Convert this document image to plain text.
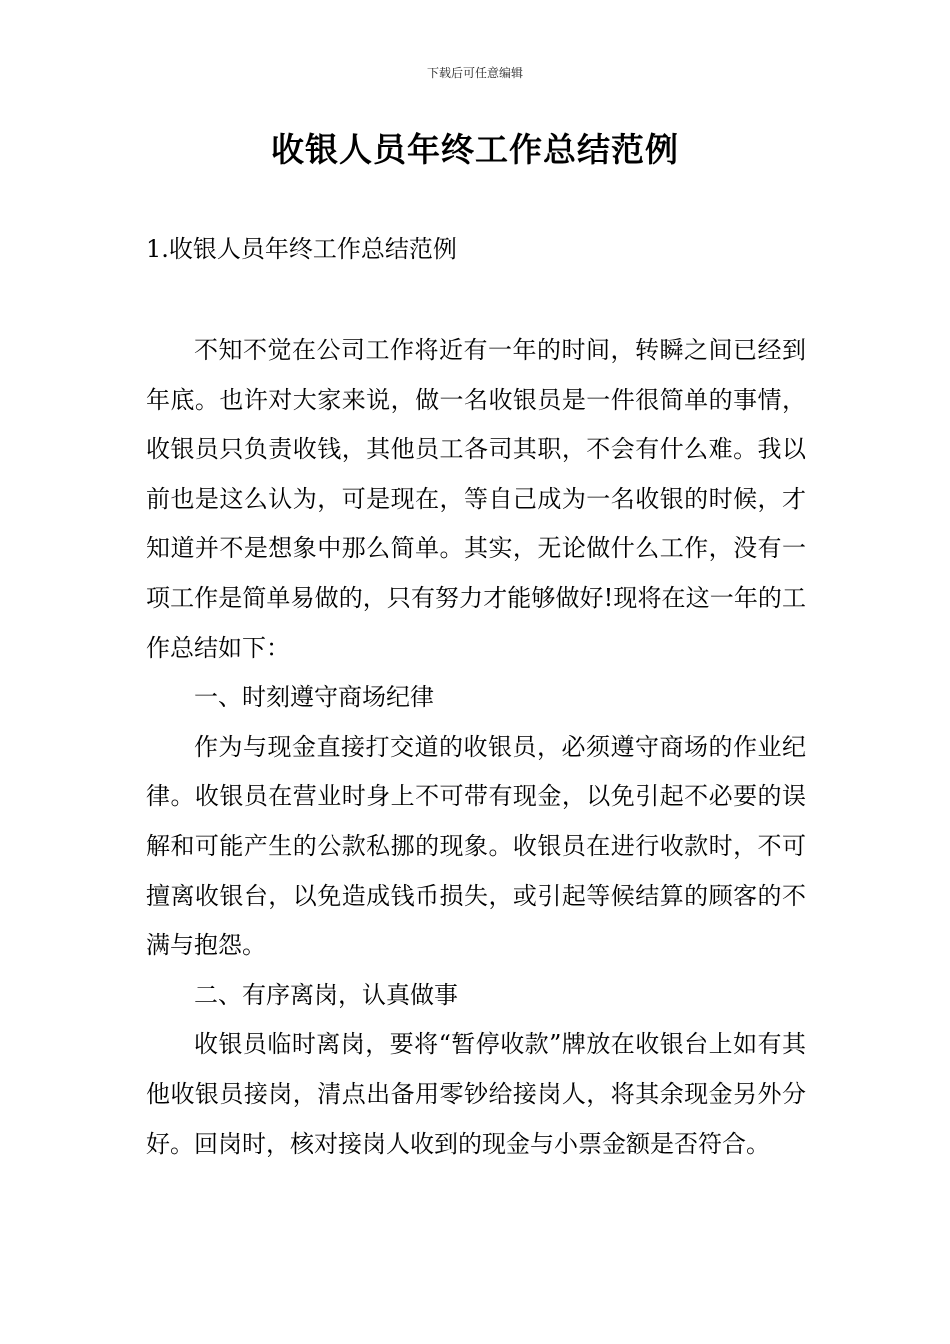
下载后可任意编辑
收银人员年终工作总结范例
1.收银人员年终工作总结范例

不知不觉在公司工作将近有一年的时间，转瞬之间已经到年底。也许对大家来说，做一名收银员是一件很简单的事情，收银员只负责收钱，其他员工各司其职，不会有什么难。我以前也是这么认为，可是现在，等自己成为一名收银的时候，才知道并不是想象中那么简单。其实，无论做什么工作，没有一项工作是简单易做的，只有努力才能够做好!现将在这一年的工作总结如下：

一、时刻遵守商场纪律

作为与现金直接打交道的收银员，必须遵守商场的作业纪律。收银员在营业时身上不可带有现金，以免引起不必要的误解和可能产生的公款私挪的现象。收银员在进行收款时，不可擅离收银台，以免造成钱币损失，或引起等候结算的顾客的不满与抱怨。

二、有序离岗，认真做事

收银员临时离岗，要将“暂停收款”牌放在收银台上如有其他收银员接岗，清点出备用零钞给接岗人，将其余现金另外分好。回岗时，核对接岗人收到的现金与小票金额是否符合。
